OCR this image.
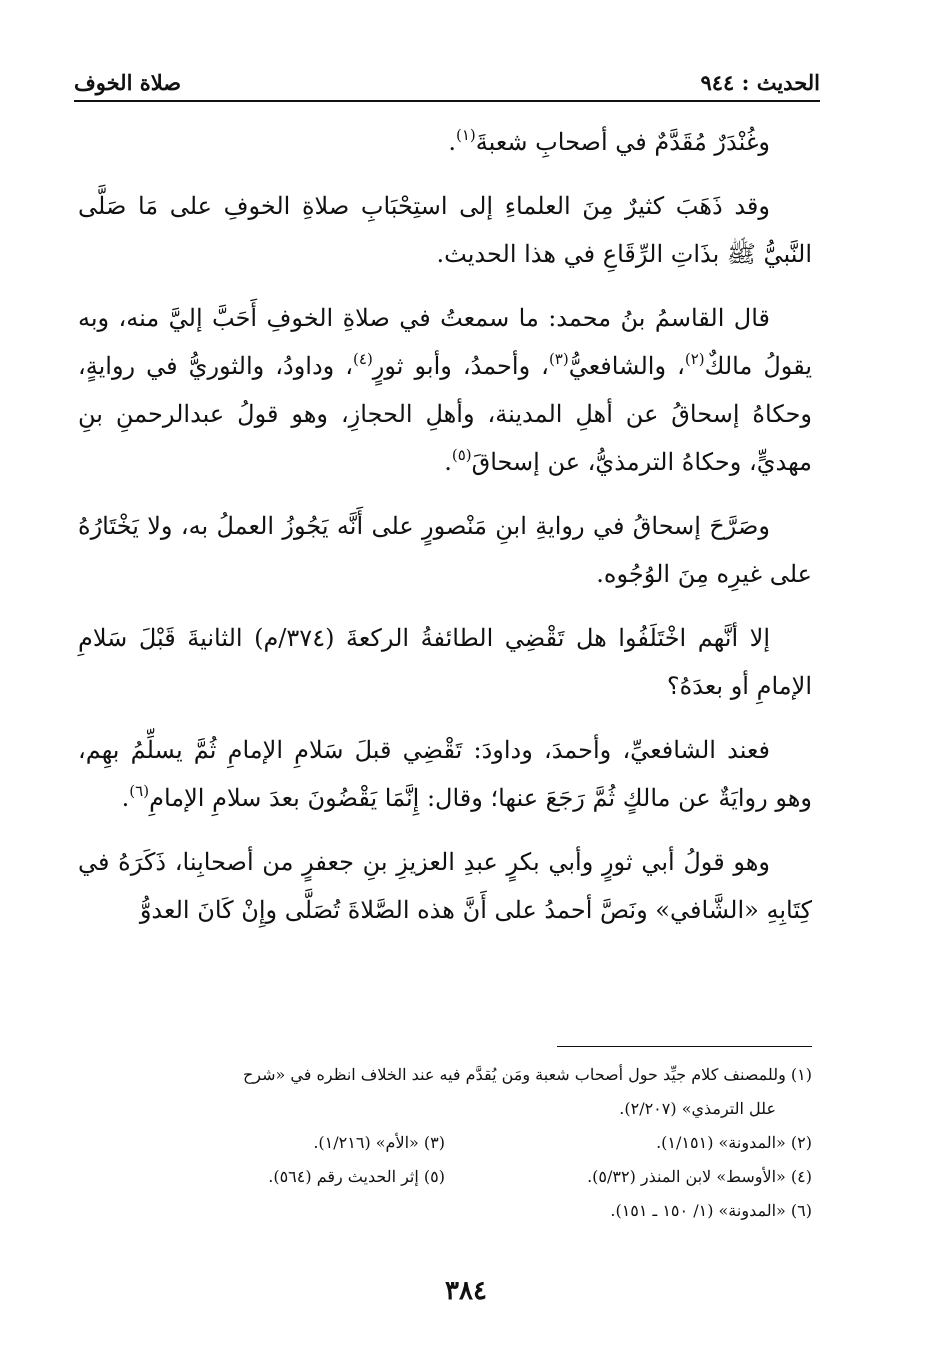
الحديث : ٩٤٤
صلاة الخوف

وغُنْدَرٌ مُقَدَّمٌ في أصحابِ شعبةَ$^{(١)}$.

وقد ذَهَبَ كثيرٌ مِنَ العلماءِ إلى استِحْبَابِ صلاةِ الخوفِ على مَا صَلَّى النَّبيُّ ﷺ بذَاتِ الرِّقَاعِ في هذا الحديث.

قال القاسمُ بنُ محمد: ما سمعتُ في صلاةِ الخوفِ أَحَبَّ إليَّ منه، وبه يقولُ مالكٌ$^{(٢)}$، والشافعيُّ$^{(٣)}$، وأحمدُ، وأبو ثورٍ$^{(٤)}$، وداودُ، والثوريُّ في روايةٍ، وحكاهُ إسحاقُ عن أهلِ المدينة، وأهلِ الحجازِ، وهو قولُ عبدالرحمنِ بنِ مهديٍّ، وحكاهُ الترمذيُّ، عن إسحاقَ$^{(٥)}$.

وصَرَّحَ إسحاقُ في روايةِ ابنِ مَنْصورٍ على أَنَّه يَجُوزُ العملُ به، ولا يَخْتَارُهُ على غيرِه مِنَ الوُجُوه.

إلا أنَّهم اخْتَلَفُوا هل تَقْضِي الطائفةُ الركعةَ (٣٧٤/م) الثانيةَ قَبْلَ سَلامِ الإمامِ أو بعدَهُ؟

فعند الشافعيِّ، وأحمدَ، وداودَ: تَقْضِي قبلَ سَلامِ الإمامِ ثُمَّ يسلِّمُ بهِم، وهو روايَةٌ عن مالكٍ ثُمَّ رَجَعَ عنها؛ وقال: إِنَّمَا يَقْضُونَ بعدَ سلامِ الإمامِ$^{(٦)}$.

وهو قولُ أبي ثورٍ وأبي بكرٍ عبدِ العزيزِ بنِ جعفرٍ من أصحابِنا، ذَكَرَهُ في كِتَابِهِ «الشَّافي» ونَصَّ أحمدُ على أَنَّ هذه الصَّلاةَ تُصَلَّى وإِنْ كَانَ العدوُّ

(١) وللمصنف كلام جيِّد حول أصحاب شعبة ومَن يُقدَّم فيه عند الخلاف انظره في «شرح
علل الترمذي» (٢/٢٠٧).
(٢) «المدونة» (١/١٥١).
(٣) «الأم» (١/٢١٦).
(٤) «الأوسط» لابن المنذر (٥/٣٢).
(٥) إثر الحديث رقم (٥٦٤).
(٦) «المدونة» (١/ ١٥٠ ـ ١٥١).
٣٨٤
